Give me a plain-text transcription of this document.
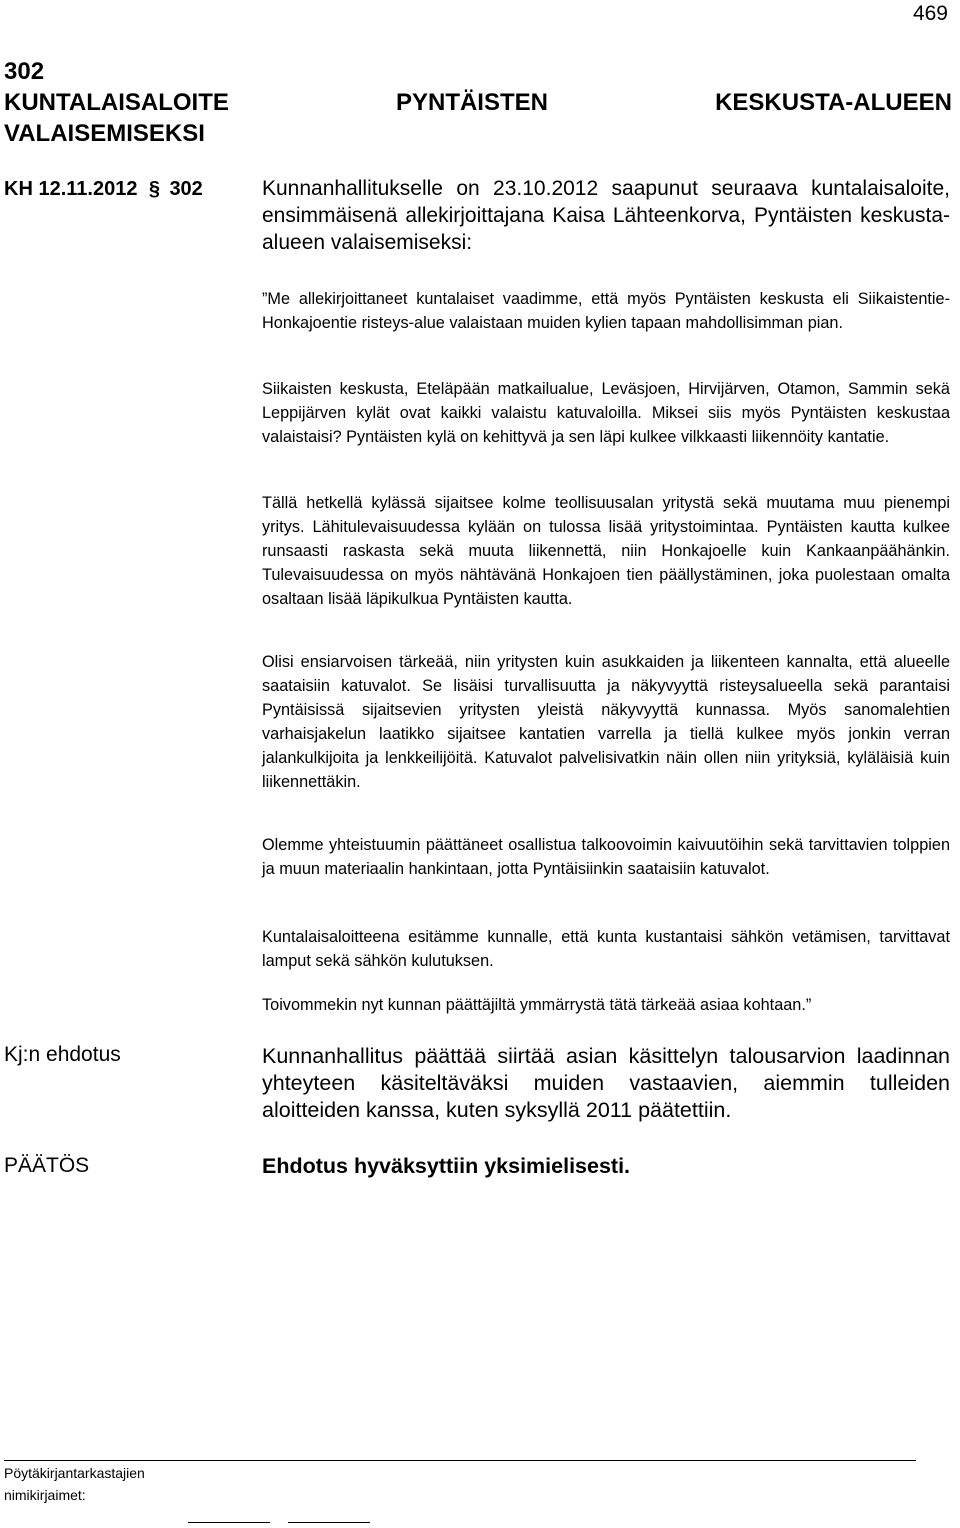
469
302
KUNTALAISALOITE	PYNTÄISTEN	KESKUSTA-ALUEEN
VALAISEMISEKSI
KH 12.11.2012 § 302	Kunnanhallitukselle on 23.10.2012 saapunut seuraava kuntalaisaloite, ensimmäisenä allekirjoittajana Kaisa Lähteenkorva, Pyntäisten keskusta-alueen valaisemiseksi:

”Me allekirjoittaneet kuntalaiset vaadimme, että myös Pyntäisten keskusta eli Siikaistentie-Honkajoentie risteys-alue valaistaan muiden kylien tapaan mahdollisimman pian.

Siikaisten keskusta, Eteläpään matkailualue, Leväsjoen, Hirvijärven, Otamon, Sammin sekä Leppijärven kylät ovat kaikki valaistu katuvaloilla. Miksei siis myös Pyntäisten keskustaa valaistaisi? Pyntäisten kylä on kehittyvä ja sen läpi kulkee vilkkaasti liikennöity kantatie.

Tällä hetkellä kylässä sijaitsee kolme teollisuusalan yritystä sekä muutama muu pienempi yritys. Lähitulevaisuudessa kylään on tulossa lisää yritystoimintaa. Pyntäisten kautta kulkee runsaasti raskasta sekä muuta liikennettä, niin Honkajoelle kuin Kankaanpäähänkin. Tulevaisuudessa on myös nähtävänä Honkajoen tien päällystäminen, joka puolestaan omalta osaltaan lisää läpikulkua Pyntäisten kautta.

Olisi ensiarvoisen tärkeää, niin yritysten kuin asukkaiden ja liikenteen kannalta, että alueelle saataisiin katuvalot. Se lisäisi turvallisuutta ja näkyvyyttä risteysalueella sekä parantaisi Pyntäisissä sijaitsevien yritysten yleistä näkyvyyttä kunnassa. Myös sanomalehtien varhaisjakelun laatikko sijaitsee kantatien varrella ja tiellä kulkee myös jonkin verran jalankulkijoita ja lenkkeilijöitä. Katuvalot palvelisivatkin näin ollen niin yrityksiä, kyläläisiä kuin liikennettäkin.

Olemme yhteistuumin päättäneet osallistua talkoovoimin kaivuutöihin sekä tarvittavien tolppien ja muun materiaalin hankintaan, jotta Pyntäisiinkin saataisiin katuvalot.

Kuntalaisaloitteena esitämme kunnalle, että kunta kustantaisi sähkön vetämisen, tarvittavat lamput sekä sähkön kulutuksen.

Toivommekin nyt kunnan päättäjiltä ymmärrystä tätä tärkeää asiaa kohtaan.”

Kj:n ehdotus	Kunnanhallitus päättää siirtää asian käsittelyn talousarvion laadinnan yhteyteen käsiteltäväksi muiden vastaavien, aiemmin tulleiden aloitteiden kanssa, kuten syksyllä 2011 päätettiin.

PÄÄTÖS	Ehdotus hyväksyttiin yksimielisesti.
Pöytäkirjantarkastajien
nimikirjaimet:
